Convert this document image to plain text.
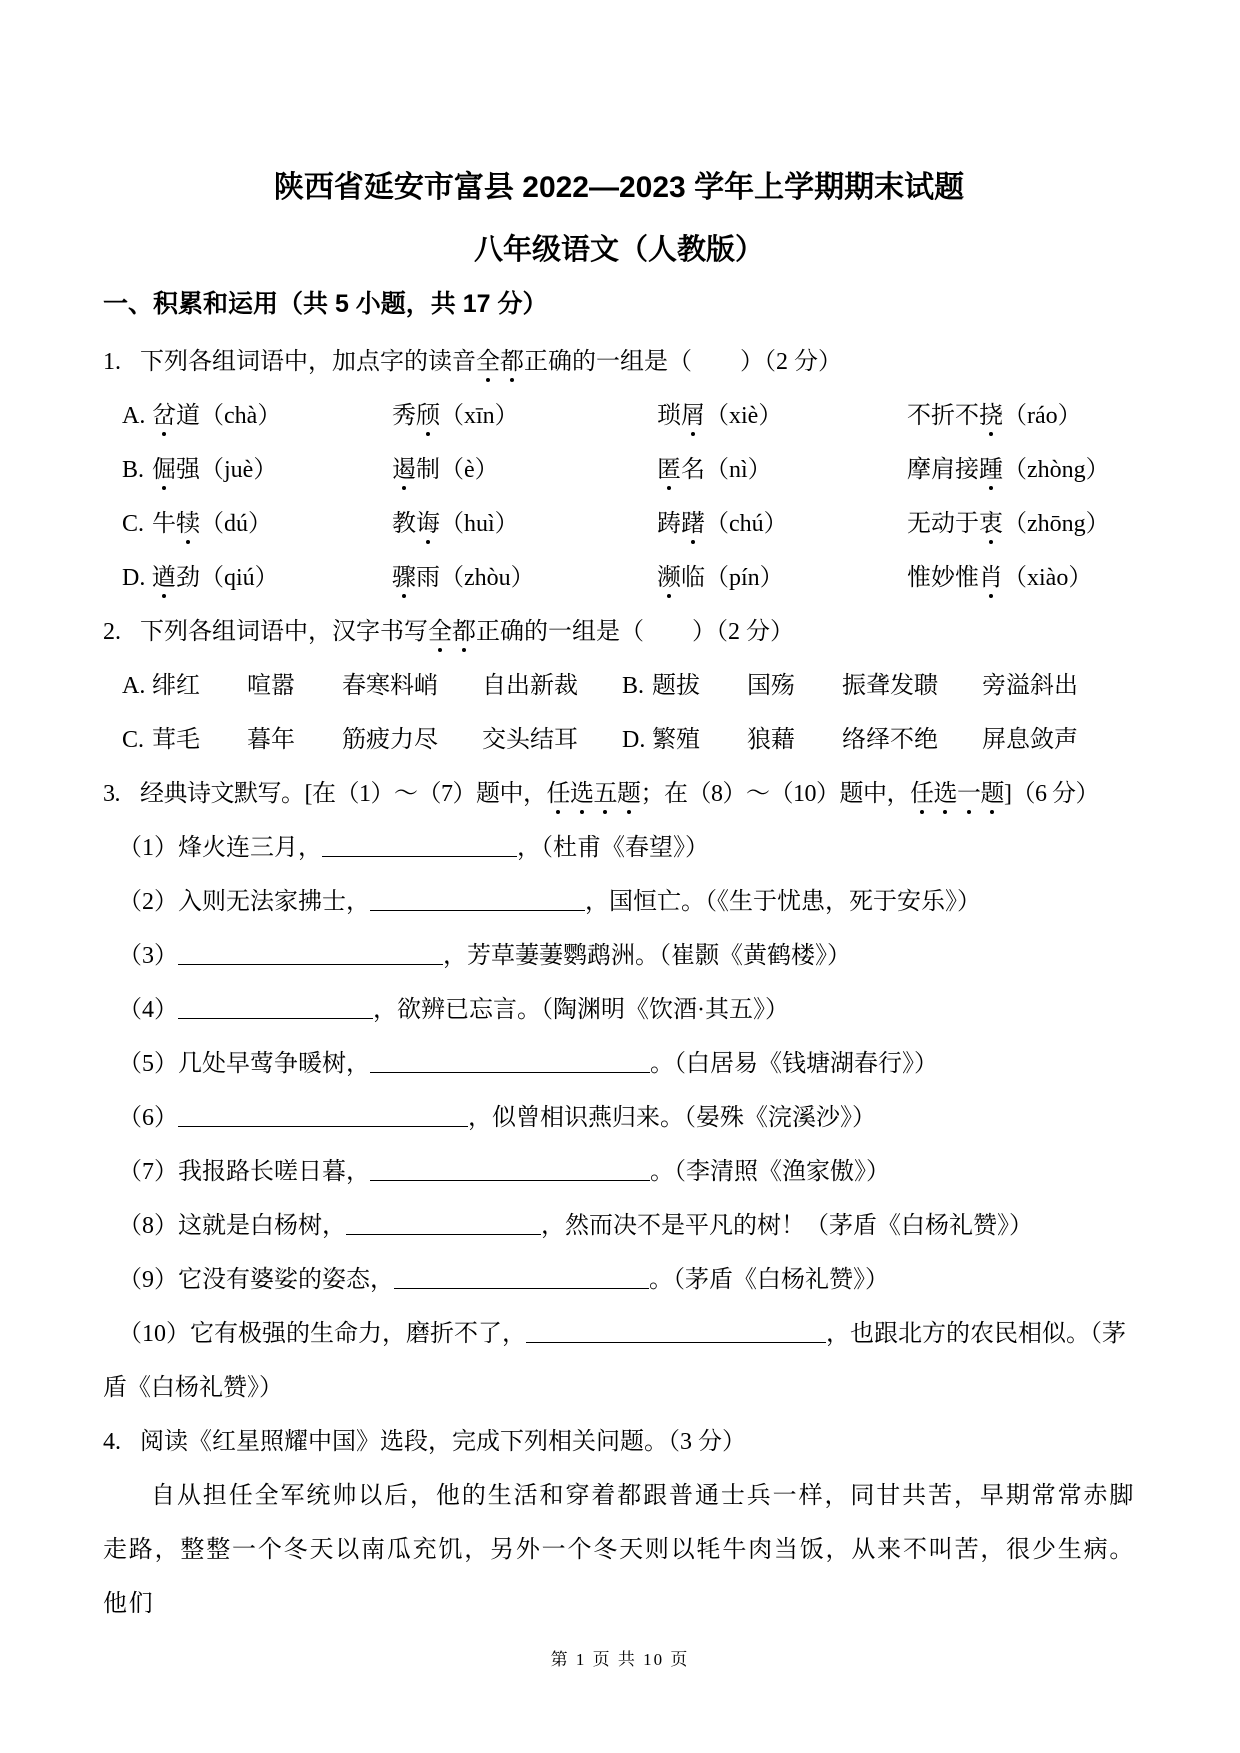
陕西省延安市富县 2022—2023 学年上学期期末试题
八年级语文（人教版）
一、积累和运用（共 5 小题，共 17 分）
1. 下列各组词语中，加点字的读音全都正确的一组是（　　 ）（2 分）
A. 岔道（chà）	秀颀（xīn）	琐屑（xiè）	不折不挠（ráo）
B. 倔强（juè）	遏制（è）	匿名（nì）	摩肩接踵（zhòng）
C. 牛犊（dú）	教诲（huì）	踌躇（chú）	无动于衷（zhōng）
D. 遒劲（qiú）	骤雨（zhòu）	濒临（pín）	惟妙惟肖（xiào）
2. 下列各组词语中，汉字书写全都正确的一组是（　　 ）（2 分）
A. 绯红	喧嚣	春寒料峭	自出新裁	B. 题拔	国殇	振聋发聩	旁溢斜出
C. 茸毛	暮年	筋疲力尽	交头结耳	D. 繁殖	狼藉	络绎不绝	屏息敛声
3. 经典诗文默写。[在（1）～（7）题中，任选五题；在（8）～（10）题中，任选一题]（6 分）
（1）烽火连三月，	，（杜甫《春望》）
（2）入则无法家拂士，	，国恒亡。（《生于忧患，死于安乐》）
（3）	，芳草萋萋鹦鹉洲。（崔颢《黄鹤楼》）
（4）	，欲辨已忘言。（陶渊明《饮酒·其五》）
（5）几处早莺争暖树，	。（白居易《钱塘湖春行》）
（6）	，似曾相识燕归来。（晏殊《浣溪沙》）
（7）我报路长嗟日暮，	。（李清照《渔家傲》）
（8）这就是白杨树，	，然而决不是平凡的树！（茅盾《白杨礼赞》）
（9）它没有婆娑的姿态，	。（茅盾《白杨礼赞》）
（10）它有极强的生命力，磨折不了，	，也跟北方的农民相似。（茅盾《白杨礼赞》）
4. 阅读《红星照耀中国》选段，完成下列相关问题。（3 分）

自从担任全军统帅以后，他的生活和穿着都跟普通士兵一样，同甘共苦，早期常常赤脚走路，整整一个冬天以南瓜充饥，另外一个冬天则以牦牛肉当饭，从来不叫苦，很少生病。他们

第 1 页 共 10 页
